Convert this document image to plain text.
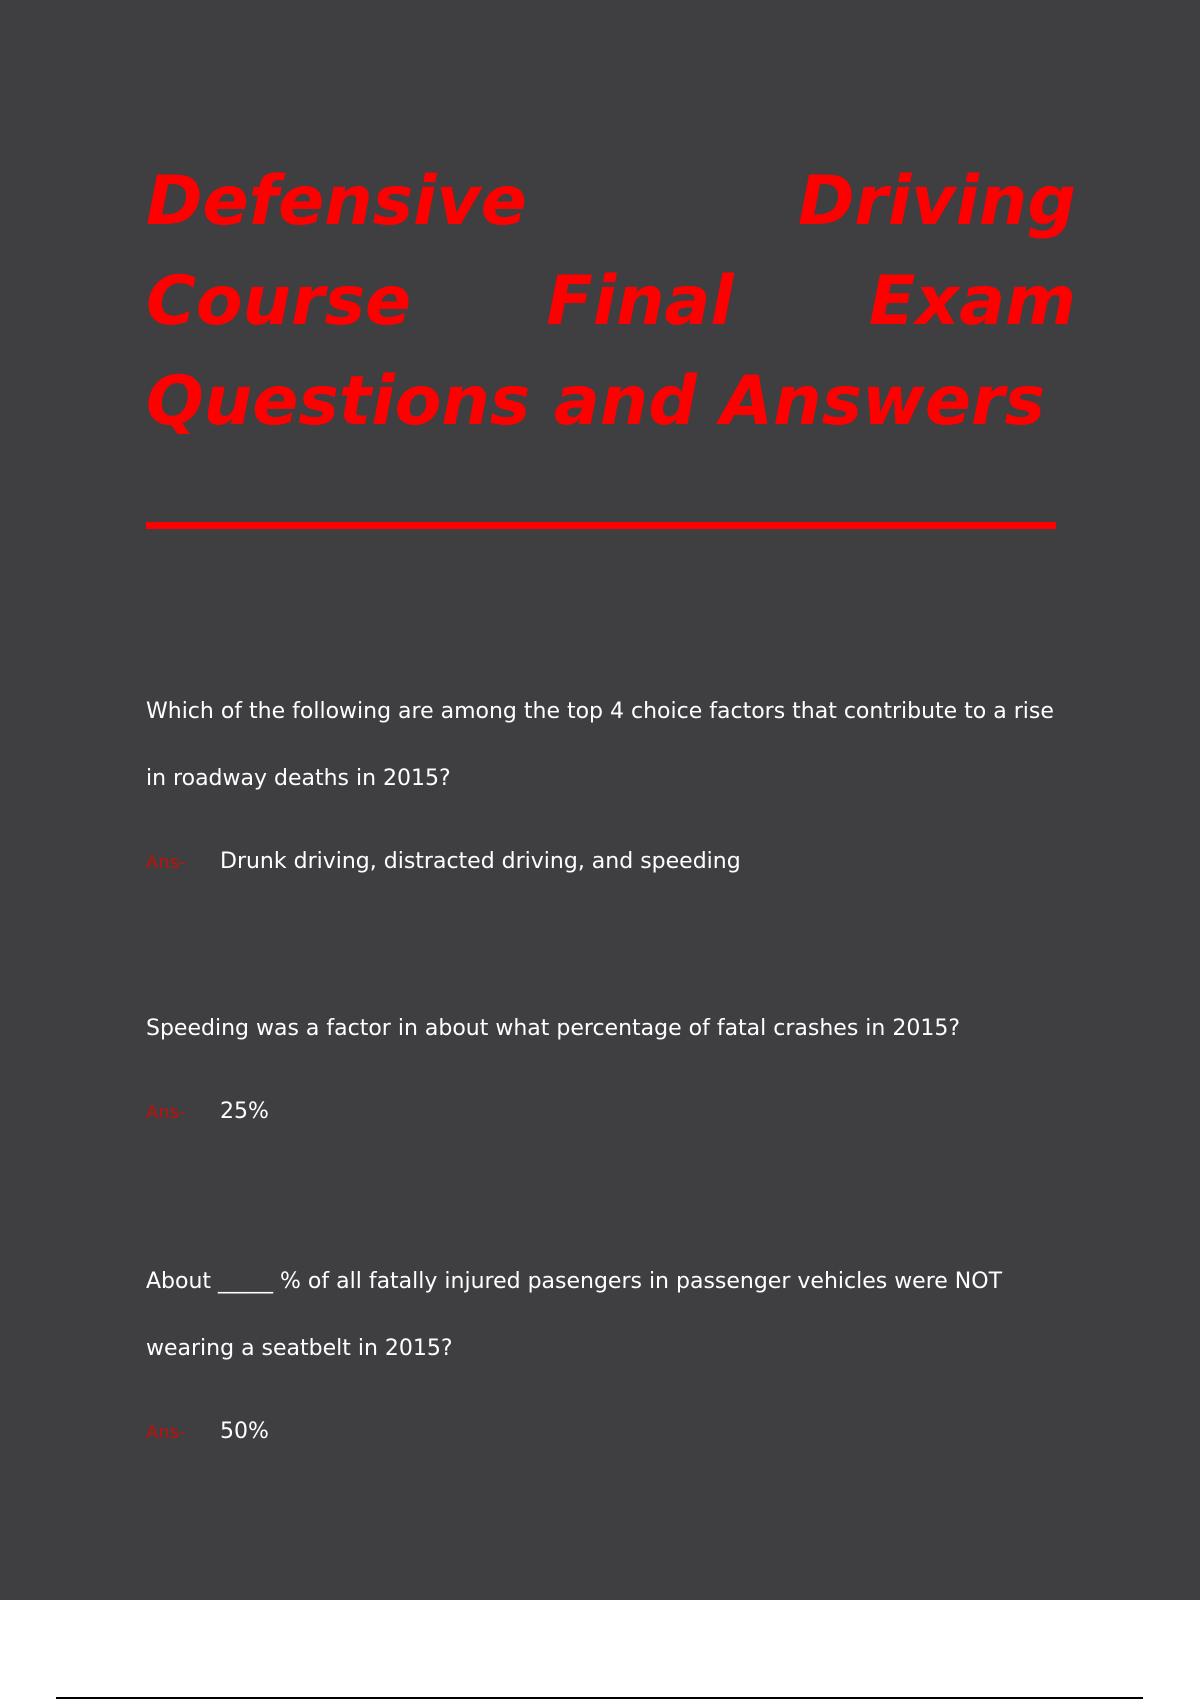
Defensive Driving Course Final Exam Questions and Answers

Which of the following are among the top 4 choice factors that contribute to a rise in roadway deaths in 2015?

Ans- Drunk driving, distracted driving, and speeding

Speeding was a factor in about what percentage of fatal crashes in 2015?

Ans- 25%

About _____ % of all fatally injured pasengers in passenger vehicles were NOT wearing a seatbelt in 2015?

Ans- 50%
